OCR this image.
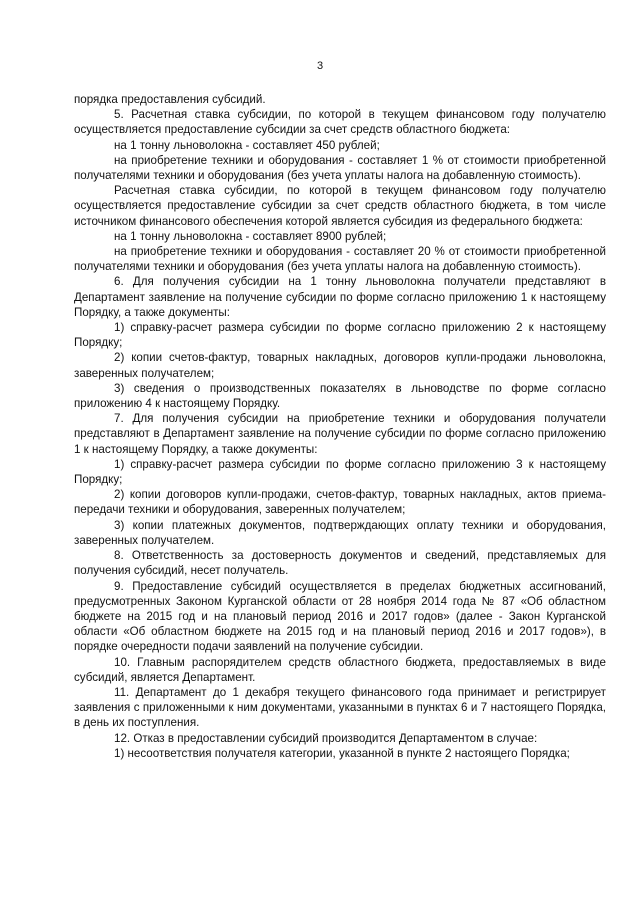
3

порядка предоставления субсидий.

5. Расчетная ставка субсидии, по которой в текущем финансовом году получателю осуществляется предоставление субсидии за счет средств областного бюджета:

на 1 тонну льноволокна - составляет 450 рублей;

на приобретение техники и оборудования - составляет 1 % от стоимости приобретенной получателями техники и оборудования (без учета уплаты налога на добавленную стоимость).

Расчетная ставка субсидии, по которой в текущем финансовом году получателю осуществляется предоставление субсидии за счет средств областного бюджета, в том числе источником финансового обеспечения которой является субсидия из федерального бюджета:

на 1 тонну льноволокна - составляет 8900 рублей;

на приобретение техники и оборудования - составляет 20 % от стоимости приобретенной получателями техники и оборудования (без учета уплаты налога на добавленную стоимость).

6. Для получения субсидии на 1 тонну льноволокна получатели представляют в Департамент заявление на получение субсидии по форме согласно приложению 1 к настоящему Порядку, а также документы:

1) справку-расчет размера субсидии по форме согласно приложению 2 к настоящему Порядку;

2) копии счетов-фактур, товарных накладных, договоров купли-продажи льноволокна, заверенных получателем;

3) сведения о производственных показателях в льноводстве по форме согласно приложению 4 к настоящему Порядку.

7. Для получения субсидии на приобретение техники и оборудования получатели представляют в Департамент заявление на получение субсидии по форме согласно приложению 1 к настоящему Порядку, а также документы:

1) справку-расчет размера субсидии по форме согласно приложению 3 к настоящему Порядку;

2) копии договоров купли-продажи, счетов-фактур, товарных накладных, актов приема-передачи техники и оборудования, заверенных получателем;

3) копии платежных документов, подтверждающих оплату техники и оборудования, заверенных получателем.

8. Ответственность за достоверность документов и сведений, представляемых для получения субсидий, несет получатель.

9. Предоставление субсидий осуществляется в пределах бюджетных ассигнований, предусмотренных Законом Курганской области от 28 ноября 2014 года № 87 «Об областном бюджете на 2015 год и на плановый период 2016 и 2017 годов» (далее - Закон Курганской области «Об областном бюджете на 2015 год и на плановый период 2016 и 2017 годов»), в порядке очередности подачи заявлений на получение субсидии.

10. Главным распорядителем средств областного бюджета, предоставляемых в виде субсидий, является Департамент.

11. Департамент до 1 декабря текущего финансового года принимает и регистрирует заявления с приложенными к ним документами, указанными в пунктах 6 и 7 настоящего Порядка, в день их поступления.

12. Отказ в предоставлении субсидий производится Департаментом в случае:

1) несоответствия получателя категории, указанной в пункте 2 настоящего Порядка;
